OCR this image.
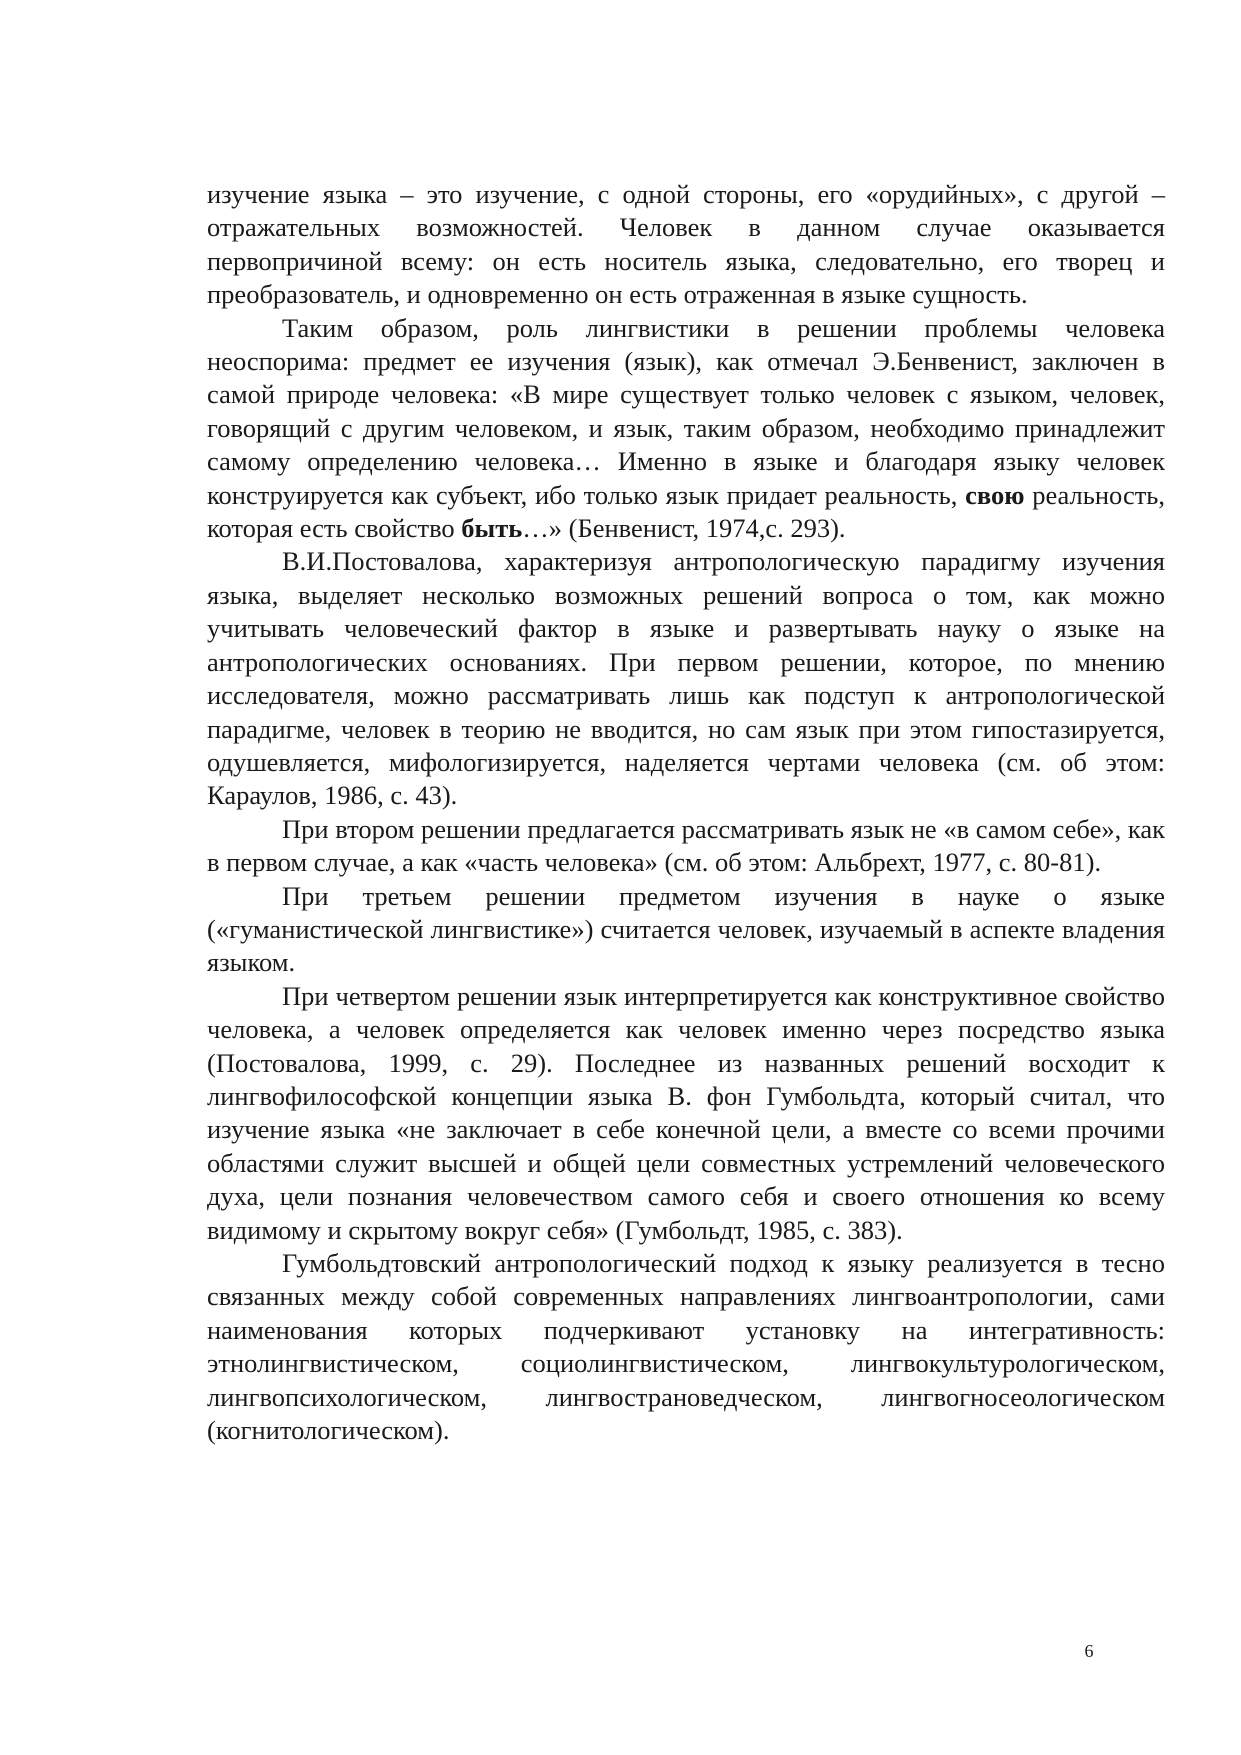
изучение языка – это изучение, с одной стороны, его «орудийных», с другой – отражательных возможностей. Человек в данном случае оказывается первопричиной всему: он есть носитель языка, следовательно, его творец и преобразователь, и одновременно он есть отраженная в языке сущность.

Таким образом, роль лингвистики в решении проблемы человека неоспорима: предмет ее изучения (язык), как отмечал Э.Бенвенист, заключен в самой природе человека: «В мире существует только человек с языком, человек, говорящий с другим человеком, и язык, таким образом, необходимо принадлежит самому определению человека… Именно в языке и благодаря языку человек конструируется как субъект, ибо только язык придает реальность, свою реальность, которая есть свойство быть…» (Бенвенист, 1974,с. 293).

В.И.Постовалова, характеризуя антропологическую парадигму изучения языка, выделяет несколько возможных решений вопроса о том, как можно учитывать человеческий фактор в языке и развертывать науку о языке на антропологических основаниях. При первом решении, которое, по мнению исследователя, можно рассматривать лишь как подступ к антропологической парадигме, человек в теорию не вводится, но сам язык при этом гипостазируется, одушевляется, мифологизируется, наделяется чертами человека (см. об этом: Караулов, 1986, с. 43).

При втором решении предлагается рассматривать язык не «в самом себе», как в первом случае, а как «часть человека» (см. об этом: Альбрехт, 1977, с. 80-81).

При третьем решении предметом изучения в науке о языке («гуманистической лингвистике») считается человек, изучаемый в аспекте владения языком.

При четвертом решении язык интерпретируется как конструктивное свойство человека, а человек определяется как человек именно через посредство языка (Постовалова, 1999, с. 29). Последнее из названных решений восходит к лингвофилософской концепции языка В. фон Гумбольдта, который считал, что изучение языка «не заключает в себе конечной цели, а вместе со всеми прочими областями служит высшей и общей цели совместных устремлений человеческого духа, цели познания человечеством самого себя и своего отношения ко всему видимому и скрытому вокруг себя» (Гумбольдт, 1985, с. 383).

Гумбольдтовский антропологический подход к языку реализуется в тесно связанных между собой современных направлениях лингвоантропологии, сами наименования которых подчеркивают установку на интегративность: этнолингвистическом, социолингвистическом, лингвокультурологическом, лингвопсихологическом, лингвострановедческом, лингвогносеологическом (когнитологическом).

6
